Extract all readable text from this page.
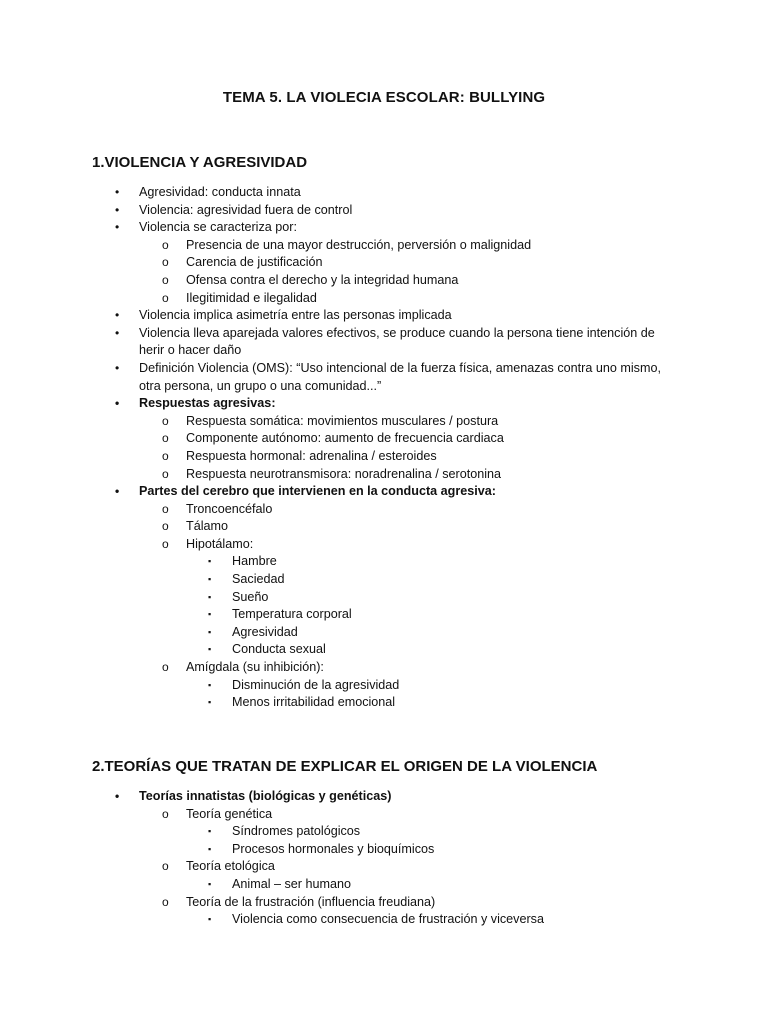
TEMA 5. LA VIOLECIA ESCOLAR: BULLYING
1.VIOLENCIA Y AGRESIVIDAD
• Agresividad: conducta innata
• Violencia: agresividad fuera de control
• Violencia se caracteriza por:
o Presencia de una mayor destrucción, perversión o malignidad
o Carencia de justificación
o Ofensa contra el derecho y la integridad humana
o Ilegitimidad e ilegalidad
• Violencia implica asimetría entre las personas implicada
• Violencia lleva aparejada valores efectivos, se produce cuando la persona tiene intención de herir o hacer daño
• Definición Violencia (OMS): “Uso intencional de la fuerza física, amenazas contra uno mismo, otra persona, un grupo o una comunidad...”
• Respuestas agresivas:
o Respuesta somática: movimientos musculares / postura
o Componente autónomo: aumento de frecuencia cardiaca
o Respuesta hormonal: adrenalina / esteroides
o Respuesta neurotransmisora: noradrenalina / serotonina
• Partes del cerebro que intervienen en la conducta agresiva:
o Troncoencéfalo
o Tálamo
o Hipotálamo:
▪ Hambre
▪ Saciedad
▪ Sueño
▪ Temperatura corporal
▪ Agresividad
▪ Conducta sexual
o Amígdala (su inhibición):
▪ Disminución de la agresividad
▪ Menos irritabilidad emocional
2.TEORÍAS QUE TRATAN DE EXPLICAR EL ORIGEN DE LA VIOLENCIA
• Teorías innatistas (biológicas y genéticas)
o Teoría genética
▪ Síndromes patológicos
▪ Procesos hormonales y bioquímicos
o Teoría etológica
▪ Animal – ser humano
o Teoría de la frustración (influencia freudiana)
▪ Violencia como consecuencia de frustración y viceversa
